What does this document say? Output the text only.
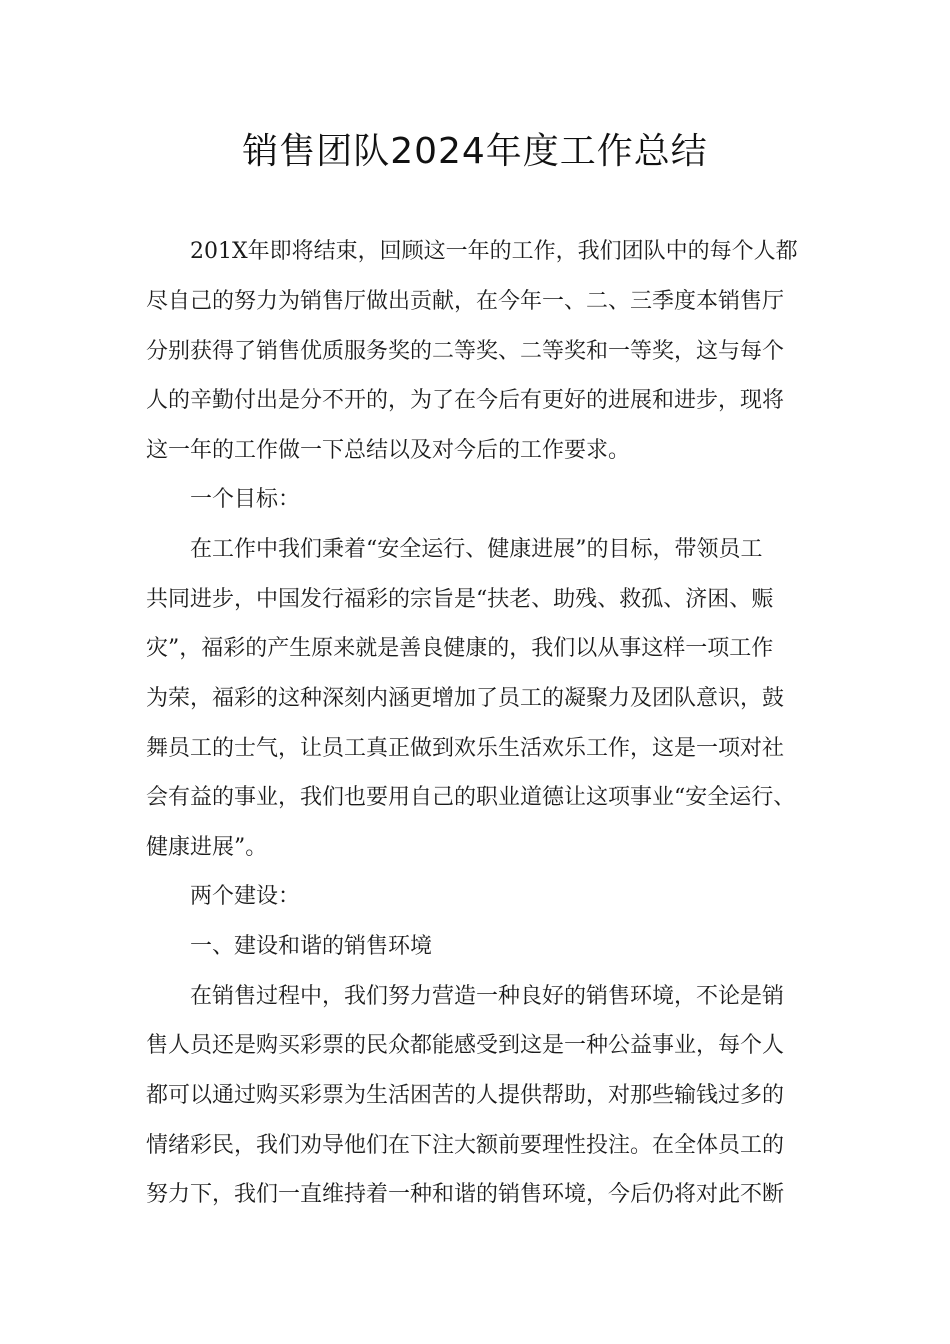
销售团队2024年度工作总结
201X年即将结束，回顾这一年的工作，我们团队中的每个人都
尽自己的努力为销售厅做出贡献，在今年一、二、三季度本销售厅
分别获得了销售优质服务奖的二等奖、二等奖和一等奖，这与每个
人的辛勤付出是分不开的，为了在今后有更好的进展和进步，现将
这一年的工作做一下总结以及对今后的工作要求。
一个目标：
在工作中我们秉着“安全运行、健康进展”的目标，带领员工
共同进步，中国发行福彩的宗旨是“扶老、助残、救孤、济困、赈
灾”，福彩的产生原来就是善良健康的，我们以从事这样一项工作
为荣，福彩的这种深刻内涵更增加了员工的凝聚力及团队意识，鼓
舞员工的士气，让员工真正做到欢乐生活欢乐工作，这是一项对社
会有益的事业，我们也要用自己的职业道德让这项事业“安全运行、
健康进展”。
两个建设：
一、建设和谐的销售环境
在销售过程中，我们努力营造一种良好的销售环境，不论是销
售人员还是购买彩票的民众都能感受到这是一种公益事业，每个人
都可以通过购买彩票为生活困苦的人提供帮助，对那些输钱过多的
情绪彩民，我们劝导他们在下注大额前要理性投注。在全体员工的
努力下，我们一直维持着一种和谐的销售环境，今后仍将对此不断
